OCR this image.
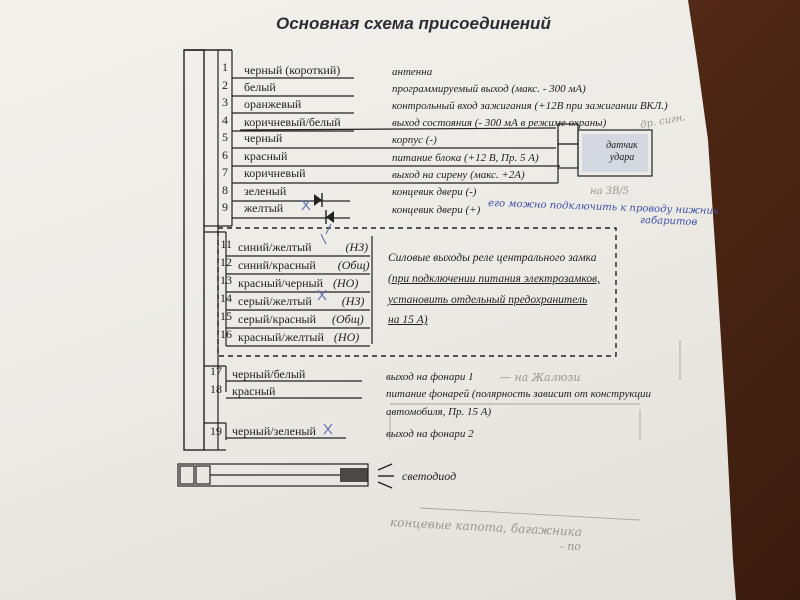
Основная схема присоединений
1 черный (короткий)	антенна
2 белый	программируемый выход (макс. - 300 мА)
3 оранжевый	контрольный вход зажигания (+12В при зажигании ВКЛ.)
4 коричневый/белый	выход состояния (- 300 мА в режиме охраны)
5 черный	корпус (-)
6 красный	питание блока (+12 В, Пр. 5 А)
7 коричневый	выход на сирену (макс. +2А)
8 зеленый	концевик двери (-)
9 желтый	концевик двери (+)
датчик
удара
11 синий/желтый	(НЗ)
12 синий/красный (Общ)
13 красный/черный (НО)
14 серый/желтый	(НЗ)
15 серый/красный (Общ)
16 красный/желтый (НО)
Силовые выходы реле центрального замка
(при подключении питания электрозамков,
установить отдельный предохранитель
на 15 А)
17 черный/белый	выход на фонари 1
18 красный	питание фонарей (полярность зависит от конструкции
автомобиля, Пр. 15 А)
19 черный/зеленый	выход на фонари 2
светодиод
его можно подключить к проводу нижних
габаритов
— на Жалюзи
на ЗВ/5
др. сигн.
концевые капота, багажника
- по
